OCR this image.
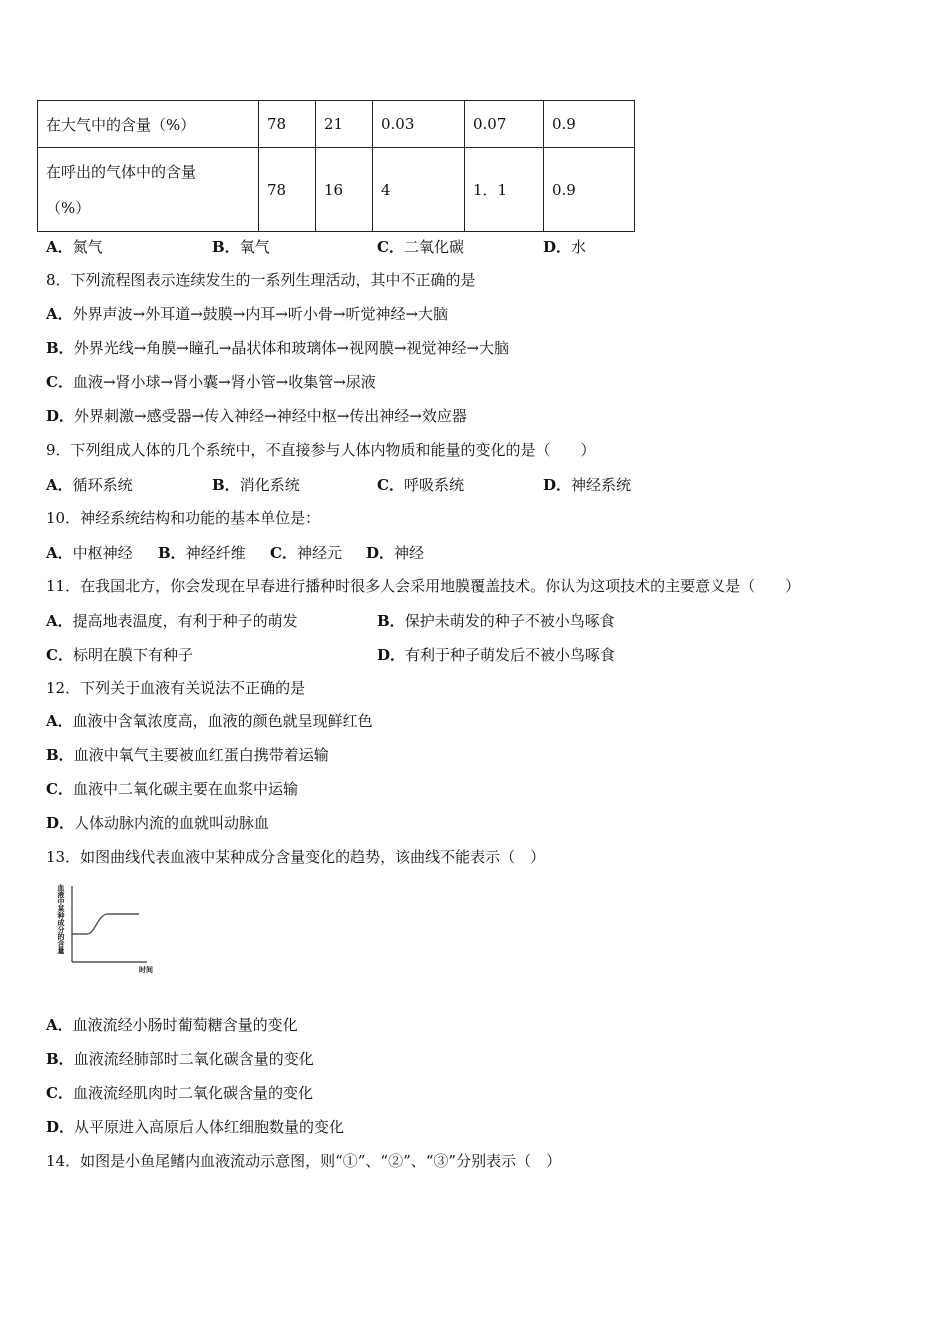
在大气中的含量（%）	78	21	0.03	0.07	0.9

在呼出的气体中的含量
（%）	78	16	4	1．1	0.9
A．氮气	B．氧气	C．二氧化碳	D．水
8．下列流程图表示连续发生的一系列生理活动，其中不正确的是
A．外界声波→外耳道→鼓膜→内耳→听小骨→听觉神经→大脑
B．外界光线→角膜→瞳孔→晶状体和玻璃体→视网膜→视觉神经→大脑
C．血液→肾小球→肾小囊→肾小管→收集管→尿液
D．外界刺激→感受器→传入神经→神经中枢→传出神经→效应器
9．下列组成人体的几个系统中，不直接参与人体内物质和能量的变化的是（　　）
A．循环系统	B．消化系统	C．呼吸系统	D．神经系统
10．神经系统结构和功能的基本单位是：
A．中枢神经 B．神经纤维 C．神经元 D．神经
11．在我国北方，你会发现在早春进行播种时很多人会采用地膜覆盖技术。你认为这项技术的主要意义是（　　）
A．提高地表温度，有利于种子的萌发	B．保护未萌发的种子不被小鸟啄食
C．标明在膜下有种子	D．有利于种子萌发后不被小鸟啄食
12．下列关于血液有关说法不正确的是
A．血液中含氧浓度高，血液的颜色就呈现鲜红色
B．血液中氧气主要被血红蛋白携带着运输
C．血液中二氧化碳主要在血浆中运输
D．人体动脉内流的血就叫动脉血
13．如图曲线代表血液中某种成分含量变化的趋势，该曲线不能表示（　）
血液中某种成分的含量
时间
A．血液流经小肠时葡萄糖含量的变化
B．血液流经肺部时二氧化碳含量的变化
C．血液流经肌肉时二氧化碳含量的变化
D．从平原进入高原后人体红细胞数量的变化
14．如图是小鱼尾鳍内血液流动示意图，则“①”、“②”、“③”分别表示（　）
